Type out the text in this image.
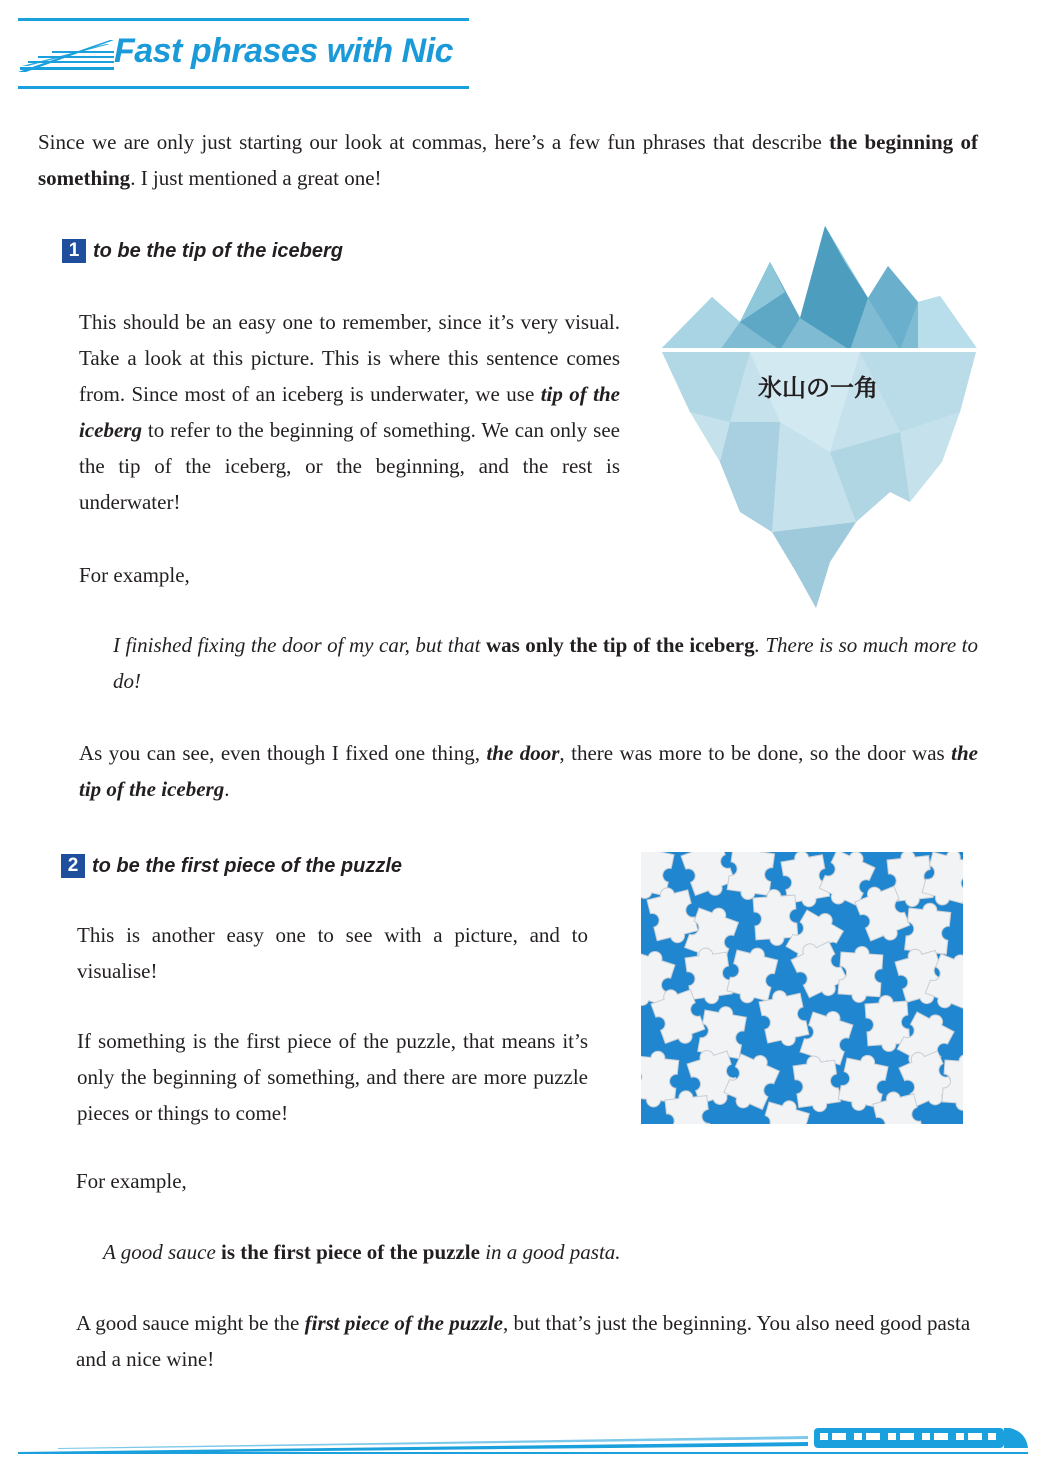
Fast phrases with Nic
Since we are only just starting our look at commas, here’s a few fun phrases that describe the beginning of something. I just mentioned a great one!
1 to be the tip of the iceberg
This should be an easy one to remember, since it’s very visual. Take a look at this picture. This is where this sentence comes from. Since most of an iceberg is underwater, we use tip of the iceberg to refer to the beginning of something. We can only see the tip of the iceberg, or the beginning, and the rest is underwater!
氷山の一角
For example,
I finished fixing the door of my car, but that was only the tip of the iceberg. There is so much more to do!
As you can see, even though I fixed one thing, the door, there was more to be done, so the door was the tip of the iceberg.
2 to be the first piece of the puzzle
This is another easy one to see with a picture, and to visualise!
If something is the first piece of the puzzle, that means it’s only the beginning of something, and there are more puzzle pieces or things to come!
For example,
A good sauce is the first piece of the puzzle in a good pasta.
A good sauce might be the first piece of the puzzle, but that’s just the beginning. You also need good pasta and a nice wine!
